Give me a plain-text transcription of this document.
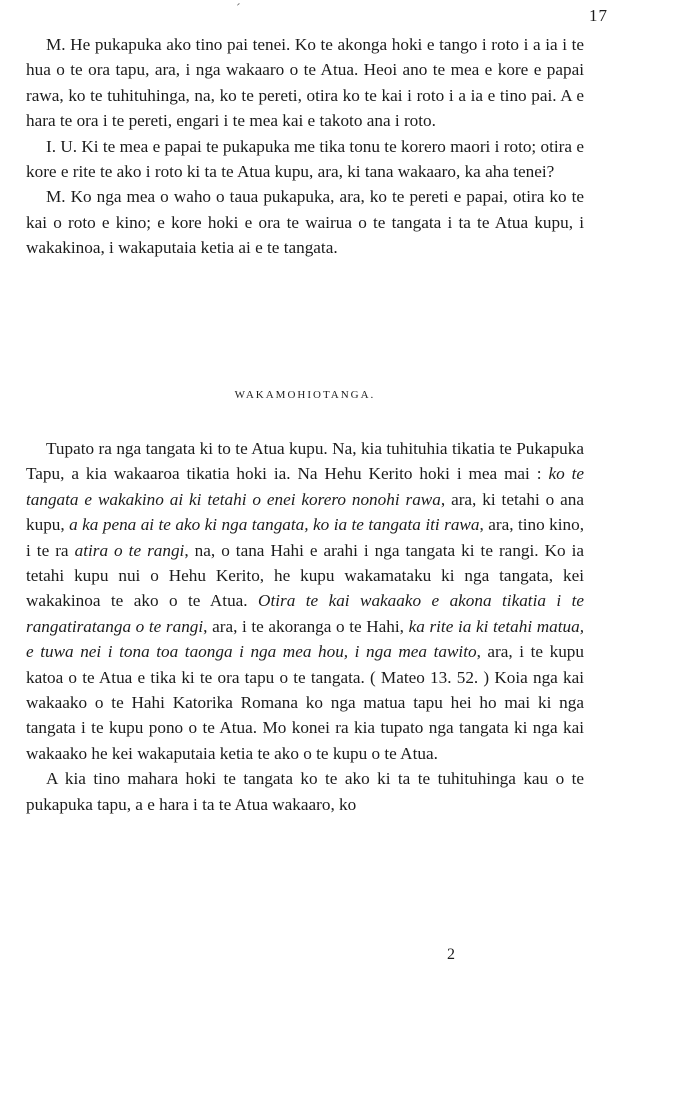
´	17

M. He pukapuka ako tino pai tenei. Ko te akonga hoki e tango i roto i a ia i te hua o te ora tapu, ara, i nga wakaaro o te Atua. Heoi ano te mea e kore e papai rawa, ko te tuhituhinga, na, ko te pereti, otira ko te kai i roto i a ia e tino pai. A e hara te ora i te pereti, engari i te mea kai e takoto ana i roto.

I. U. Ki te mea e papai te pukapuka me tika tonu te korero maori i roto; otira e kore e rite te ako i roto ki ta te Atua kupu, ara, ki tana wakaaro, ka aha tenei?

M. Ko nga mea o waho o taua pukapuka, ara, ko te pereti e papai, otira ko te kai o roto e kino; e kore hoki e ora te wairua o te tangata i ta te Atua kupu, i wakakinoa, i wakaputaia ketia ai e te tangata.

WAKAMOHIOTANGA.

Tupato ra nga tangata ki to te Atua kupu. Na, kia tuhituhia tikatia te Pukapuka Tapu, a kia wakaaroa tikatia hoki ia. Na Hehu Kerito hoki i mea mai : ko te tangata e wakakino ai ki tetahi o enei korero nonohi rawa, ara, ki tetahi o ana kupu, a ka pena ai te ako ki nga tangata, ko ia te tangata iti rawa, ara, tino kino, i te ra atira o te rangi, na, o tana Hahi e arahi i nga tangata ki te rangi. Ko ia tetahi kupu nui o Hehu Kerito, he kupu wakamataku ki nga tangata, kei wakakinoa te ako o te Atua. Otira te kai wakaako e akona tikatia i te rangatiratanga o te rangi, ara, i te akoranga o te Hahi, ka rite ia ki tetahi matua, e tuwa nei i tona toa taonga i nga mea hou, i nga mea tawito, ara, i te kupu katoa o te Atua e tika ki te ora tapu o te tangata. ( Mateo 13. 52. ) Koia nga kai wakaako o te Hahi Katorika Romana ko nga matua tapu hei ho mai ki nga tangata i te kupu pono o te Atua. Mo konei ra kia tupato nga tangata ki nga kai wakaako he kei wakaputaia ketia te ako o te kupu o te Atua.

A kia tino mahara hoki te tangata ko te ako ki ta te tuhituhinga kau o te pukapuka tapu, a e hara i ta te Atua wakaaro, ko

2
